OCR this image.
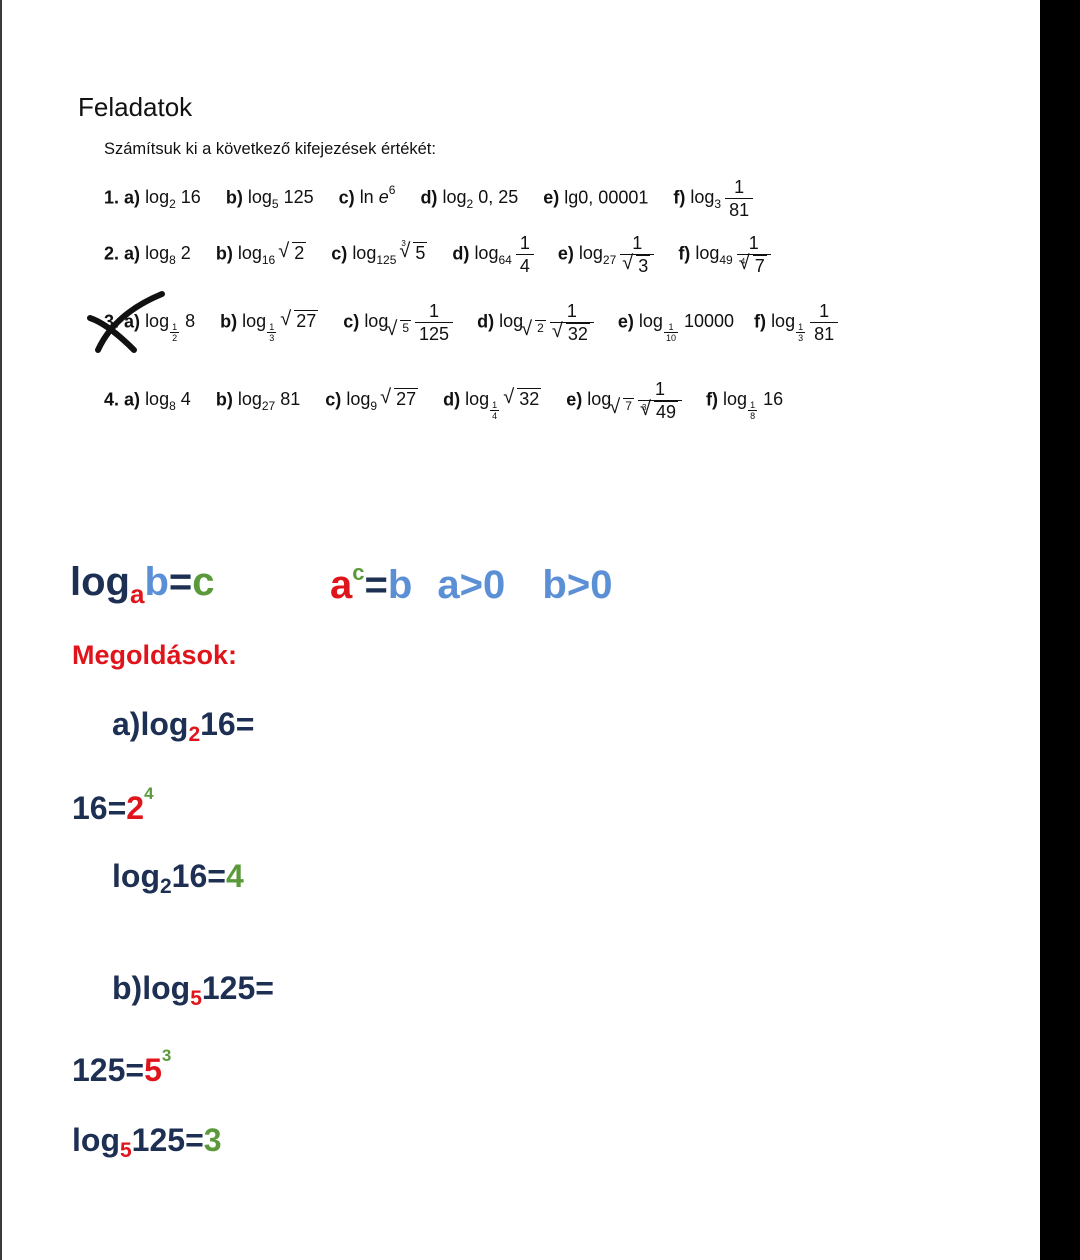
Feladatok
Számítsuk ki a következő kifejezések értékét:
1. a) $\log_2 16$ b) $\log_5 125$ c) $\ln e^6$ d) $\log_2 0$, 25 e) lg0, 00001 f) $\log_3 \frac{1}{81}$
2. a) $\log_8 2$ b) $\log_{16}$ √ 2 c) $\log_{125}$
√ 3 5 d) $\log_{64} \frac{1}{4} e$) $\log_{27} 1$
√ 3 f) $\log_{49} 1$
√ 4 7
3. a) log
$\frac{1}{2}$
8 b) log
$\frac{1}{3}$
√ 27 c) log √ $_5 \frac{1}{125} d$) log √ $_2$ 1
√ 32 e) log
$\frac{1}{10}$
10000 f) log
$\frac{1}{3} \frac{1}{81}$
4. a) $\log_8 4$ b) $\log_{27} 81$ c) $\log_9$ √ 27 d) log
$\frac{1}{4}$
√ 32 e) log √ $_7$ 1
√ 3 49 f) log
$\frac{1}{8}$
16
$\log_ab=c$	$a^c=b$ a>0 b>0
Megoldások:
a)log216=
$16=2^4$
log216=4
b)log5125=
$125=5^3$
log5125=3
